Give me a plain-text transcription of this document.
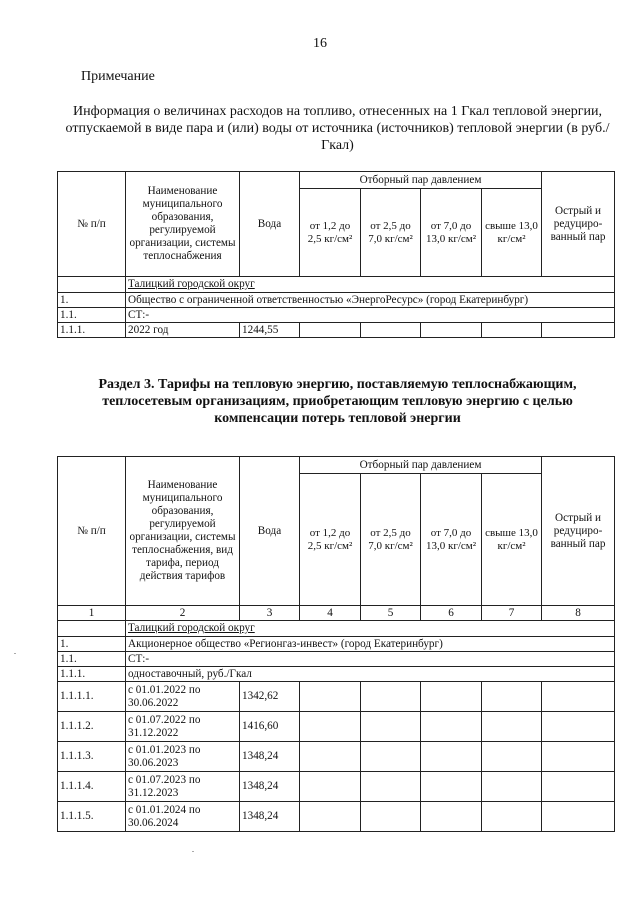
16
Примечание
Информация о величинах расходов на топливо, отнесенных на 1 Гкал тепловой энергии, отпускаемой в виде пара и (или) воды от источника (источников) тепловой энергии (в руб./Гкал)
№ п/п	Наименование муниципального образования, регулируемой организации, системы теплоснабжения	Вода	Отборный пар давлением				Острый и редуциро-ванный пар
			от 1,2 до 2,5 кг/см²	от 2,5 до 7,0 кг/см²	от 7,0 до 13,0 кг/см²	свыше 13,0 кг/см²	
	Талицкий городской округ						
1.	Общество с ограниченной ответственностью «ЭнергоРесурс» (город Екатеринбург)						
1.1.	СТ:-						
1.1.1.	2022 год	1244,55					
Раздел 3. Тарифы на тепловую энергию, поставляемую теплоснабжающим, теплосетевым организациям, приобретающим тепловую энергию с целью компенсации потерь тепловой энергии
№ п/п	Наименование муниципального образования, регулируемой организации, системы теплоснабжения, вид тарифа, период действия тарифов	Вода	Отборный пар давлением				Острый и редуциро-ванный пар
			от 1,2 до 2,5 кг/см²	от 2,5 до 7,0 кг/см²	от 7,0 до 13,0 кг/см²	свыше 13,0 кг/см²	
1	2	3	4	5	6	7	8
	Талицкий городской округ						
1.	Акционерное общество «Регионгаз-инвест» (город Екатеринбург)						
1.1.	СТ:-						
1.1.1.	одноставочный, руб./Гкал						
1.1.1.1.	с 01.01.2022 по 30.06.2022	1342,62					
1.1.1.2.	с 01.07.2022 по 31.12.2022	1416,60					
1.1.1.3.	с 01.01.2023 по 30.06.2023	1348,24					
1.1.1.4.	с 01.07.2023 по 31.12.2023	1348,24					
1.1.1.5.	с 01.01.2024 по 30.06.2024	1348,24					
